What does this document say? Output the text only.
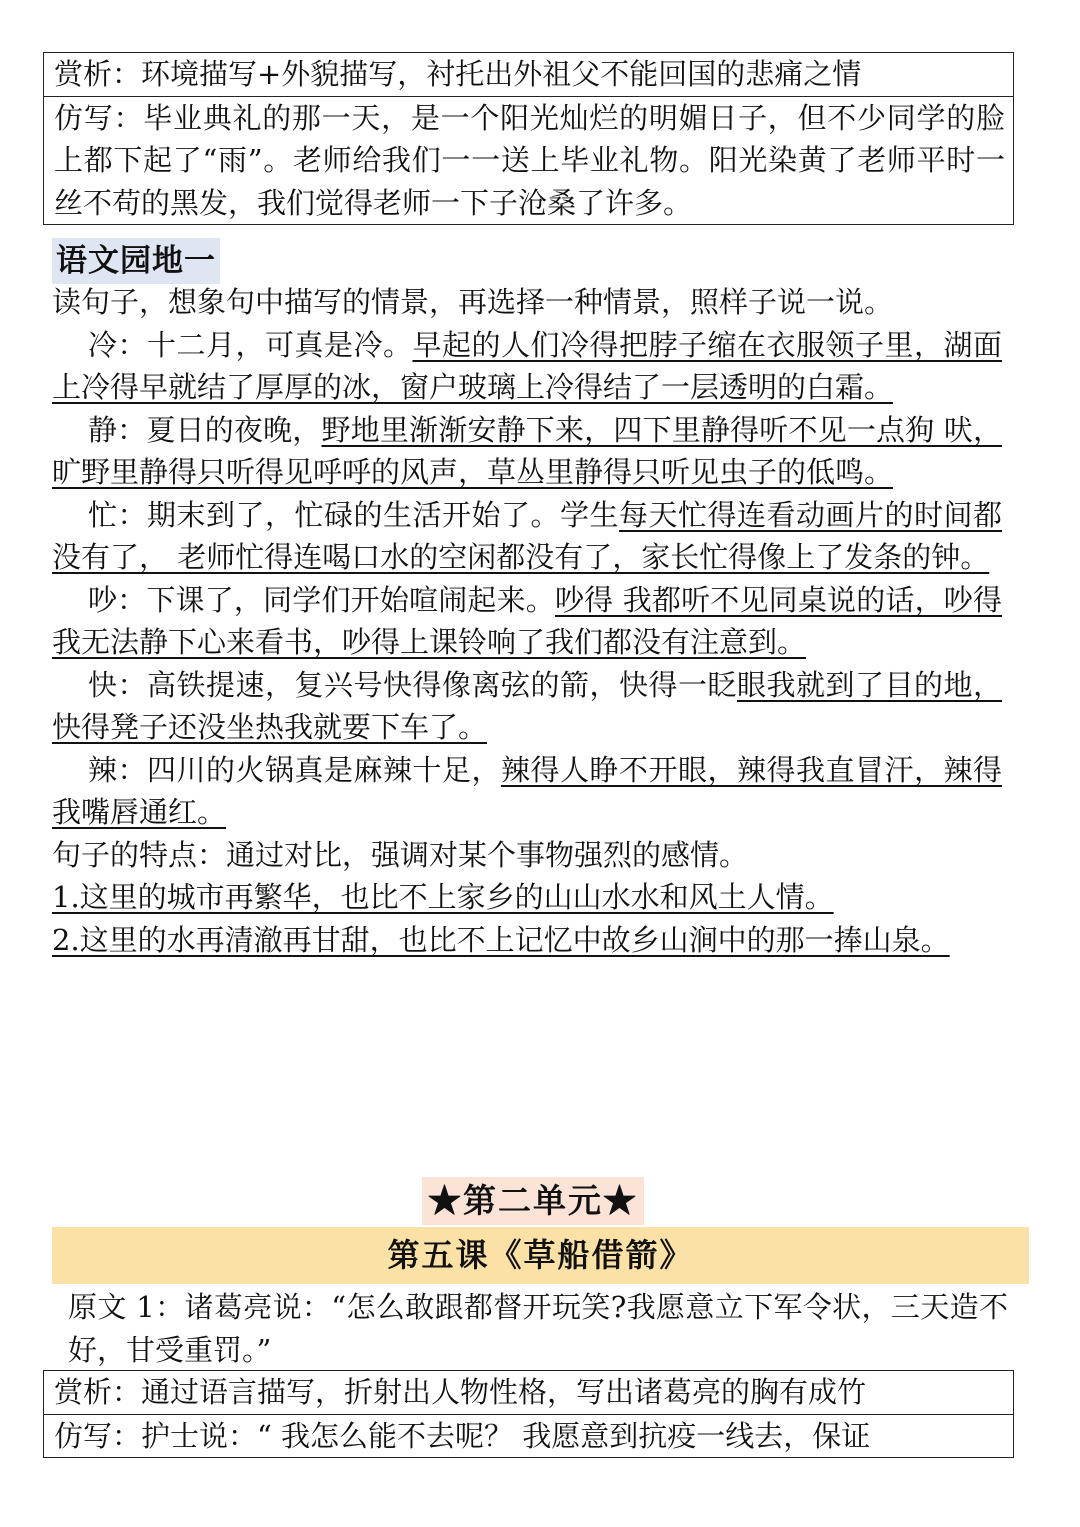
赏析：环境描写+外貌描写，衬托出外祖父不能回国的悲痛之情
仿写：毕业典礼的那一天，是一个阳光灿烂的明媚日子，但不少同学的脸上都下起了“雨”。老师给我们一一送上毕业礼物。阳光染黄了老师平时一丝不苟的黑发，我们觉得老师一下子沧桑了许多。
语文园地一

读句子，想象句中描写的情景，再选择一种情景，照样子说一说。

冷：十二月，可真是冷。早起的人们冷得把脖子缩在衣服领子里，湖面上冷得早就结了厚厚的冰，窗户玻璃上冷得结了一层透明的白霜。

静：夏日的夜晚，野地里渐渐安静下来，四下里静得听不见一点狗 吠， 旷野里静得只听得见呼呼的风声，草丛里静得只听见虫子的低鸣。

忙：期末到了，忙碌的生活开始了。学生每天忙得连看动画片的时间都没有了， 老师忙得连喝口水的空闲都没有了，家长忙得像上了发条的钟。

吵：下课了，同学们开始喧闹起来。吵得 我都听不见同桌说的话，吵得我无法静下心来看书，吵得上课铃响了我们都没有注意到。

快：高铁提速，复兴号快得像离弦的箭，快得一眨眼我就到了目的地，快得凳子还没坐热我就要下车了。

辣：四川的火锅真是麻辣十足，辣得人睁不开眼，辣得我直冒汗，辣得我嘴唇通红。

句子的特点：通过对比，强调对某个事物强烈的感情。

1.这里的城市再繁华，也比不上家乡的山山水水和风土人情。

2.这里的水再清澈再甘甜，也比不上记忆中故乡山涧中的那一捧山泉。

★第二单元★
第五课《草船借箭》

原文 1：诸葛亮说：“怎么敢跟都督开玩笑?我愿意立下军令状，三天造不好，甘受重罚。”

赏析：通过语言描写，折射出人物性格，写出诸葛亮的胸有成竹
仿写：护士说：“ 我怎么能不去呢？ 我愿意到抗疫一线去，保证
